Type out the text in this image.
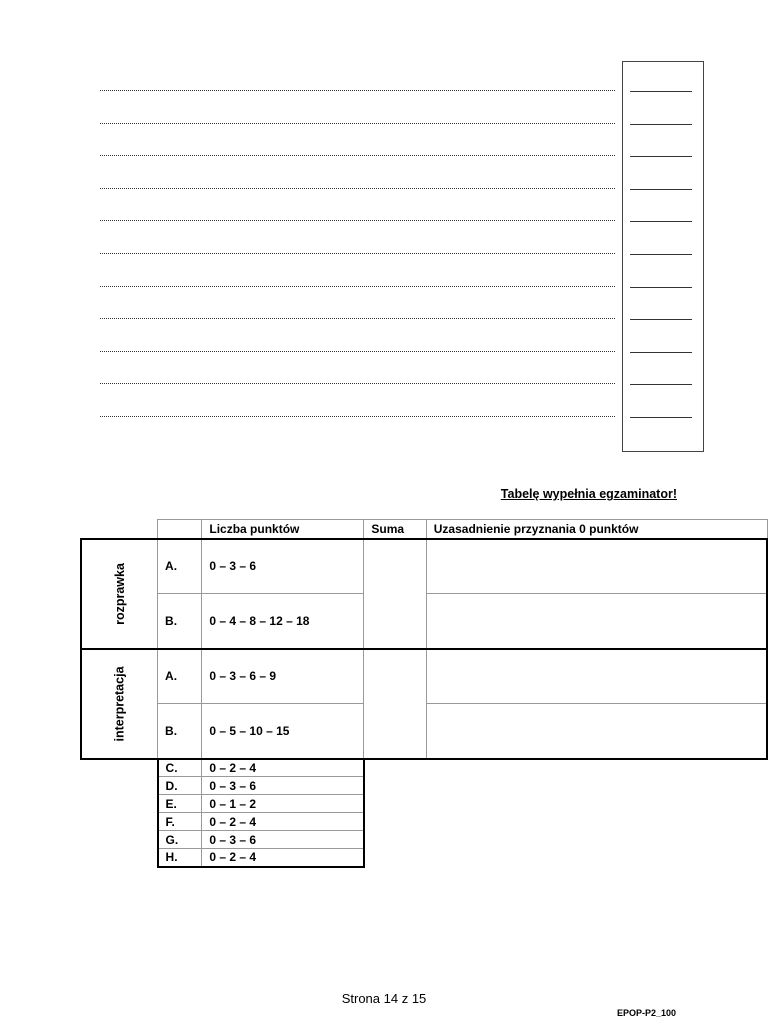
Tabelę wypełnia egzaminator!
		Liczba punktów	Suma	Uzasadnienie przyznania 0 punktów
rozprawka	A.	0 – 3 – 6		
	B.	0 – 4 – 8 – 12 – 18		
interpretacja	A.	0 – 3 – 6 – 9		
	B.	0 – 5 – 10 – 15		
	C.	0 – 2 – 4		
	D.	0 – 3 – 6		
	E.	0 – 1 – 2		
	F.	0 – 2 – 4		
	G.	0 – 3 – 6		
	H.	0 – 2 – 4		
Strona 14 z 15
EPOP-P2_100
